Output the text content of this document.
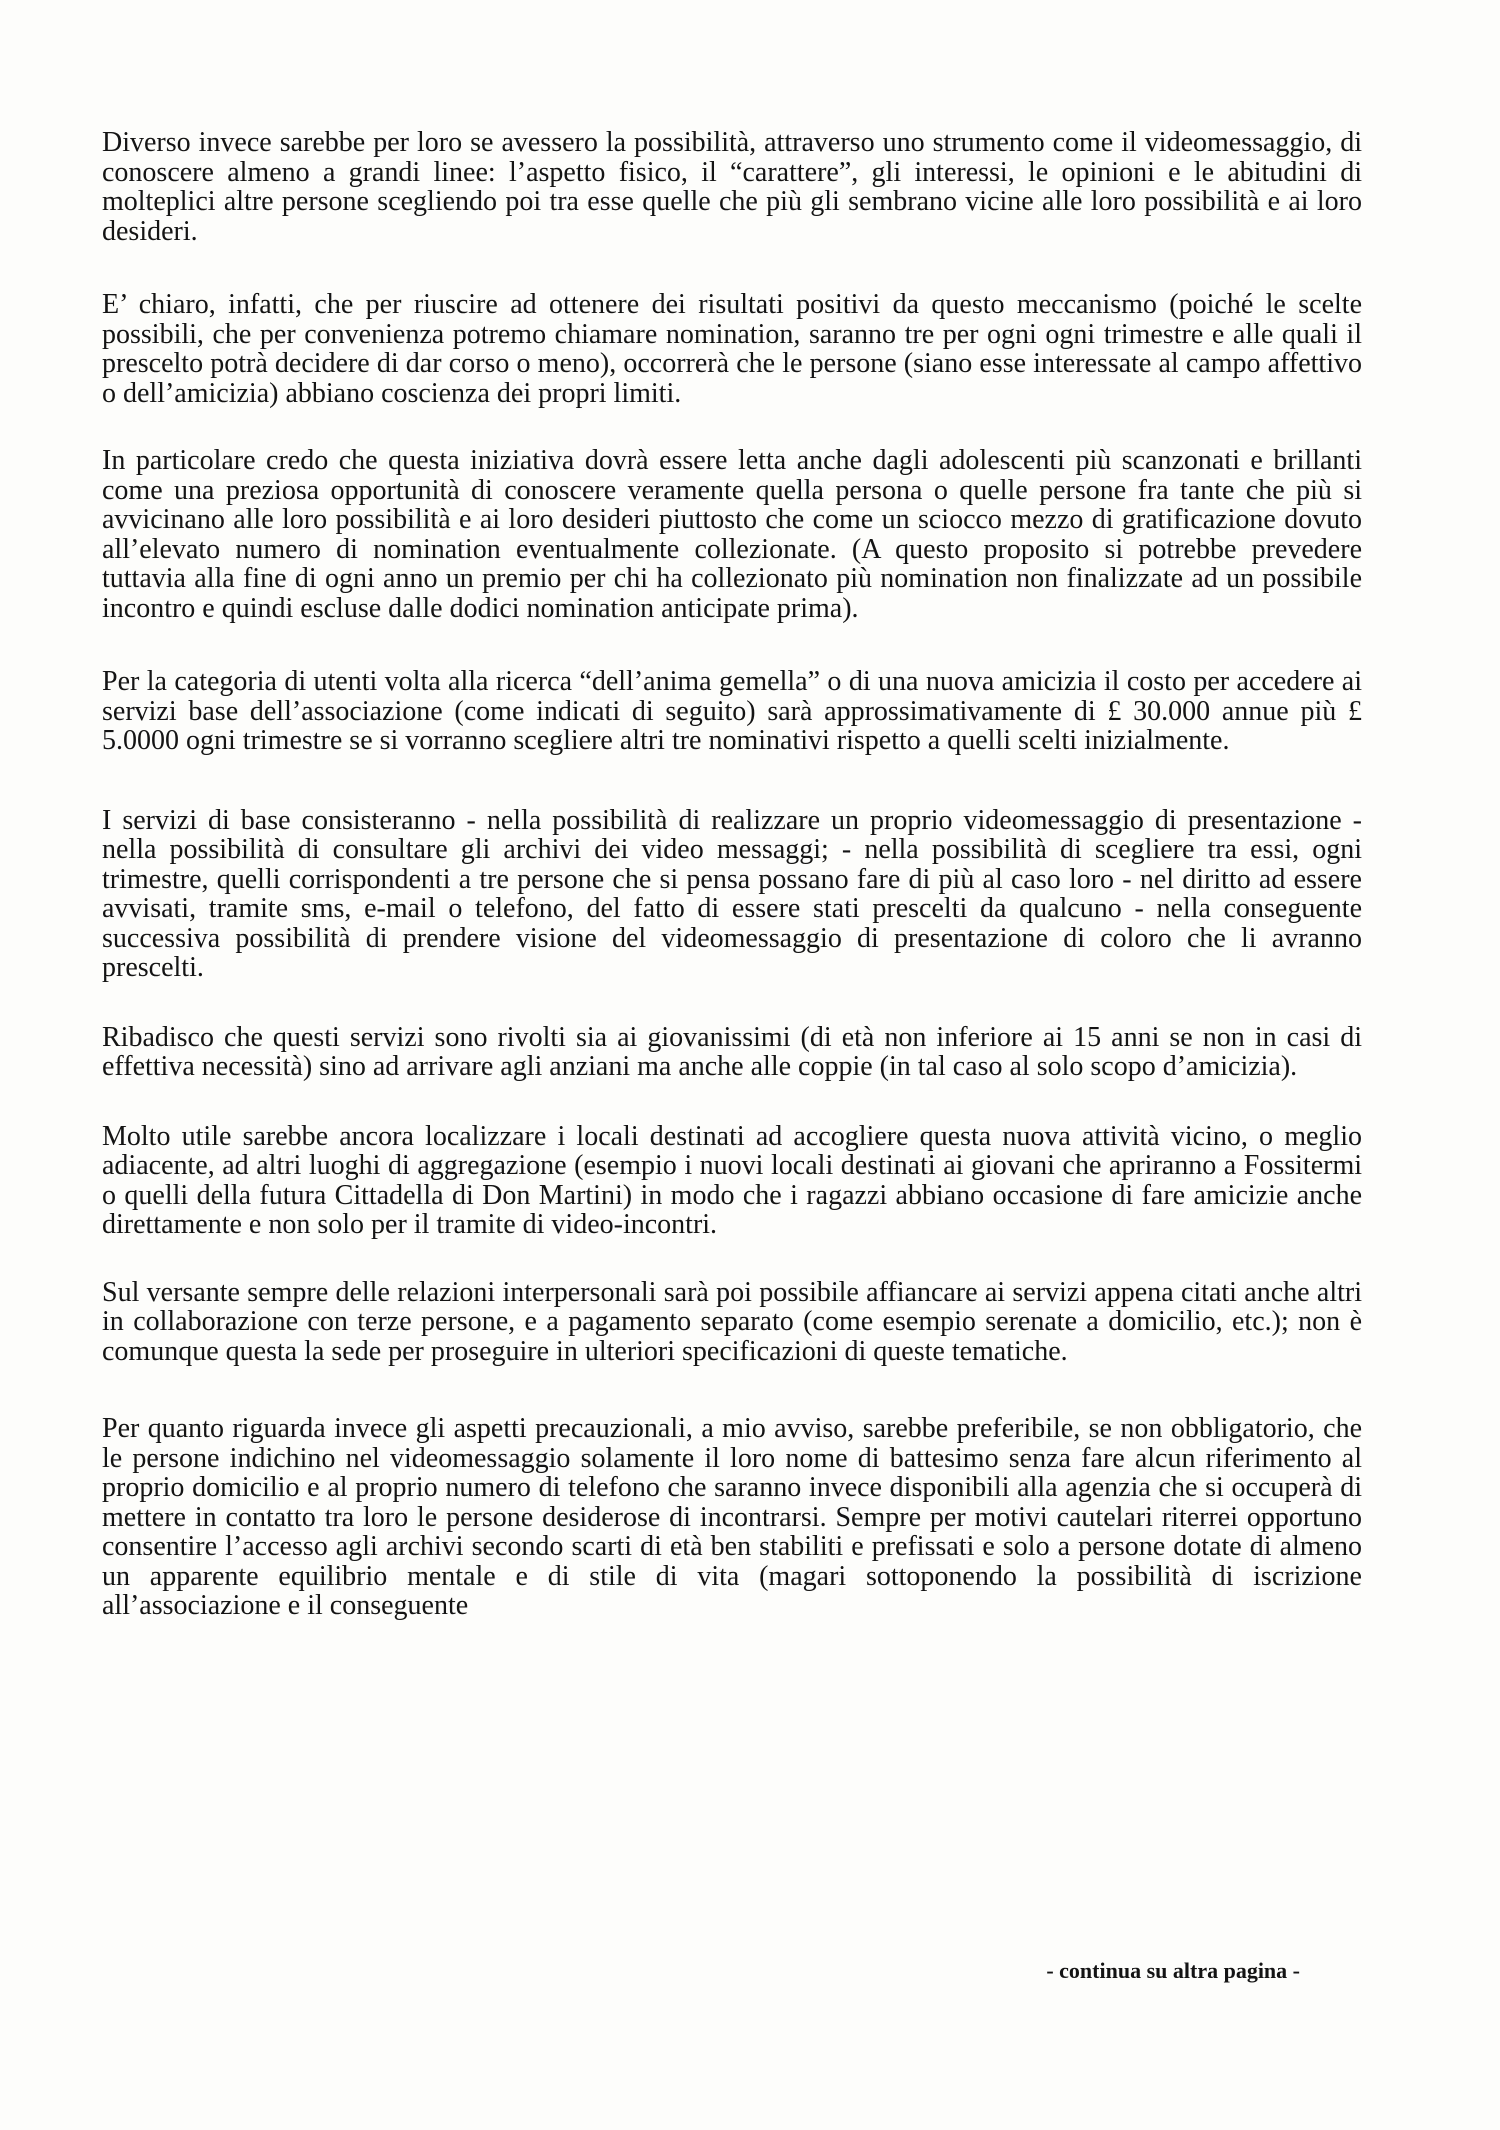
Diverso invece sarebbe per loro se avessero la possibilità, attraverso uno strumento come il videomessaggio, di conoscere almeno a grandi linee: l’aspetto fisico, il “carattere”, gli interessi, le opinioni e le abitudini di molteplici altre persone scegliendo poi tra esse quelle che più gli sembrano vicine alle loro possibilità e ai loro desideri.

E’ chiaro, infatti, che per riuscire ad ottenere dei risultati positivi da questo meccanismo (poiché le scelte possibili, che per convenienza potremo chiamare nomination, saranno tre per ogni ogni trimestre e alle quali il prescelto potrà decidere di dar corso o meno), occorrerà che le persone (siano esse interessate al campo affettivo o dell’amicizia) abbiano coscienza dei propri limiti.

In particolare credo che questa iniziativa dovrà essere letta anche dagli adolescenti più scanzonati e brillanti come una preziosa opportunità di conoscere veramente quella persona o quelle persone fra tante che più si avvicinano alle loro possibilità e ai loro desideri piuttosto che come un sciocco mezzo di gratificazione dovuto all’elevato numero di nomination eventualmente collezionate. (A questo proposito si potrebbe prevedere tuttavia alla fine di ogni anno un premio per chi ha collezionato più nomination non finalizzate ad un possibile incontro e quindi escluse dalle dodici nomination anticipate prima).

Per la categoria di utenti volta alla ricerca “dell’anima gemella” o di una nuova amicizia il costo per accedere ai servizi base dell’associazione (come indicati di seguito) sarà approssimativamente di £ 30.000 annue più £ 5.0000 ogni trimestre se si vorranno scegliere altri tre nominativi rispetto a quelli scelti inizialmente.

I servizi di base consisteranno - nella possibilità di realizzare un proprio videomessaggio di presentazione - nella possibilità di consultare gli archivi dei video messaggi; - nella possibilità di scegliere tra essi, ogni trimestre, quelli corrispondenti a tre persone che si pensa possano fare di più al caso loro - nel diritto ad essere avvisati, tramite sms, e-mail o telefono, del fatto di essere stati prescelti da qualcuno - nella conseguente successiva possibilità di prendere visione del videomessaggio di presentazione di coloro che li avranno prescelti.

Ribadisco che questi servizi sono rivolti sia ai giovanissimi (di età non inferiore ai 15 anni se non in casi di effettiva necessità) sino ad arrivare agli anziani ma anche alle coppie (in tal caso al solo scopo d’amicizia).

Molto utile sarebbe ancora localizzare i locali destinati ad accogliere questa nuova attività vicino, o meglio adiacente, ad altri luoghi di aggregazione (esempio i nuovi locali destinati ai giovani che apriranno a Fossitermi o quelli della futura Cittadella di Don Martini) in modo che i ragazzi abbiano occasione di fare amicizie anche direttamente e non solo per il tramite di video-incontri.

Sul versante sempre delle relazioni interpersonali sarà poi possibile affiancare ai servizi appena citati anche altri in collaborazione con terze persone, e a pagamento separato (come esempio serenate a domicilio, etc.); non è comunque questa la sede per proseguire in ulteriori specificazioni di queste tematiche.

Per quanto riguarda invece gli aspetti precauzionali, a mio avviso, sarebbe preferibile, se non obbligatorio, che le persone indichino nel videomessaggio solamente il loro nome di battesimo senza fare alcun riferimento al proprio domicilio e al proprio numero di telefono che saranno invece disponibili alla agenzia che si occuperà di mettere in contatto tra loro le persone desiderose di incontrarsi. Sempre per motivi cautelari riterrei opportuno consentire l’accesso agli archivi secondo scarti di età ben stabiliti e prefissati e solo a persone dotate di almeno un apparente equilibrio mentale e di stile di vita (magari sottoponendo la possibilità di iscrizione all’associazione e il conseguente

- continua su altra pagina -
